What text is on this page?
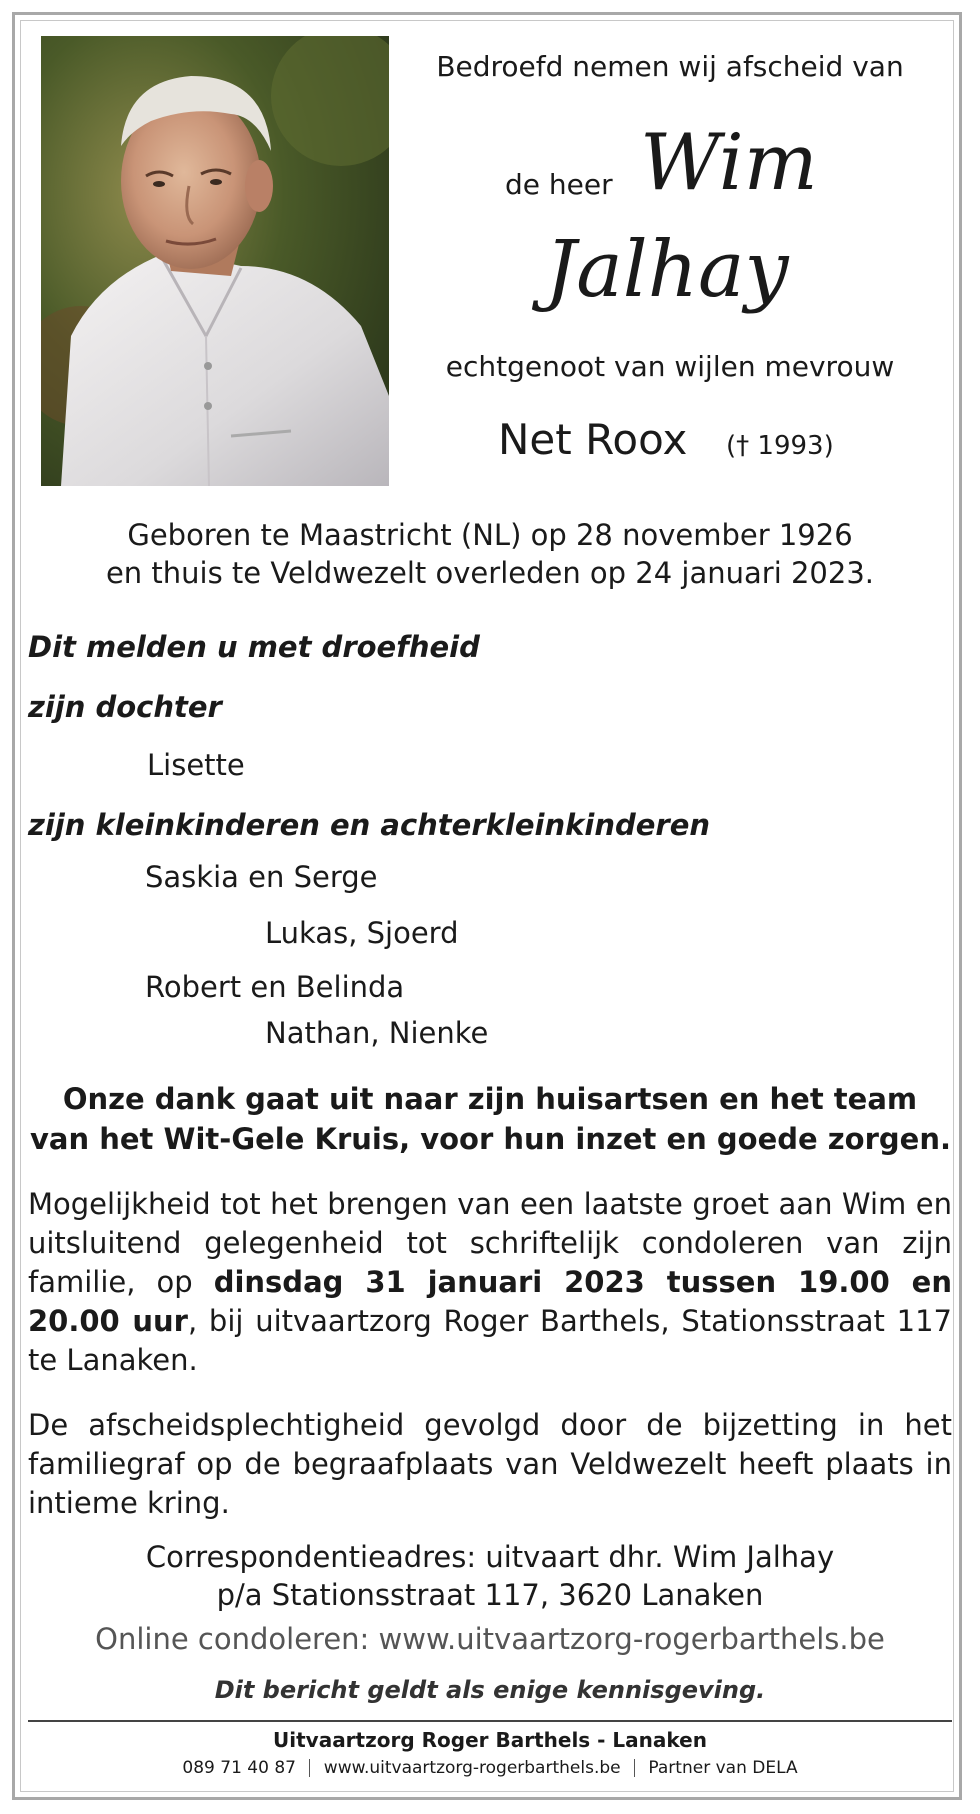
Bedroefd nemen wij afscheid van
de heer Wim
Jalhay
echtgenoot van wijlen mevrouw
Net Roox († 1993)
Geboren te Maastricht (NL) op 28 november 1926
en thuis te Veldwezelt overleden op 24 januari 2023.
Dit melden u met droefheid
zijn dochter
Lisette
zijn kleinkinderen en achterkleinkinderen
Saskia en Serge
Lukas, Sjoerd
Robert en Belinda
Nathan, Nienke
Onze dank gaat uit naar zijn huisartsen en het team
van het Wit-Gele Kruis, voor hun inzet en goede zorgen.
Mogelijkheid tot het brengen van een laatste groet aan Wim en uitsluitend gelegenheid tot schriftelijk condoleren van zijn familie, op dinsdag 31 januari 2023 tussen 19.00 en 20.00 uur, bij uitvaartzorg Roger Barthels, Stationsstraat 117 te Lanaken.
De afscheidsplechtigheid gevolgd door de bijzetting in het familiegraf op de begraafplaats van Veldwezelt heeft plaats in intieme kring.
Correspondentieadres: uitvaart dhr. Wim Jalhay
p/a Stationsstraat 117, 3620 Lanaken
Online condoleren: www.uitvaartzorg-rogerbarthels.be
Dit bericht geldt als enige kennisgeving.
Uitvaartzorg Roger Barthels - Lanaken
089 71 40 87 www.uitvaartzorg-rogerbarthels.be Partner van DELA
